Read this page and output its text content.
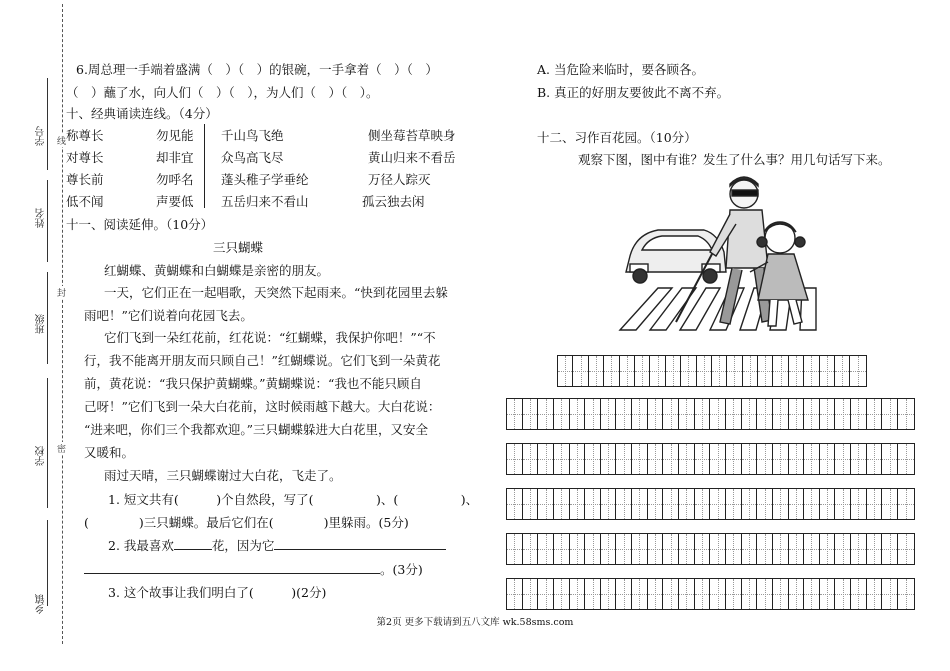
学号
姓名
班级
学校
乡镇
线
封
密
6.周总理一手端着盛满（　）（　）的银碗，一手拿着（　）（　）
（　）蘸了水，向人们（　）（　），为人们（　）（　）。
十、经典诵读连线。（4分）
称尊长
对尊长
尊长前
低不闻
勿见能
却非宜
勿呼名
声要低
千山鸟飞绝
众鸟高飞尽
蓬头稚子学垂纶
五岳归来不看山
侧坐莓苔草映身
黄山归来不看岳
万径人踪灭
孤云独去闲
十一、阅读延伸。（10分）
三只蝴蝶
红蝴蝶、黄蝴蝶和白蝴蝶是亲密的朋友。
一天，它们正在一起唱歌，天突然下起雨来。“快到花园里去躲
雨吧！”它们说着向花园飞去。
它们飞到一朵红花前，红花说：“红蝴蝶，我保护你吧！”“不
行，我不能离开朋友而只顾自己！”红蝴蝶说。它们飞到一朵黄花
前，黄花说：“我只保护黄蝴蝶。”黄蝴蝶说：“我也不能只顾自
己呀！”它们飞到一朵大白花前，这时候雨越下越大。大白花说：
“进来吧，你们三个我都欢迎。”三只蝴蝶躲进大白花里，又安全
又暖和。
雨过天晴，三只蝴蝶谢过大白花，飞走了。
1. 短文共有(　　　)个自然段，写了(　　　　　)、(　　　　　)、
(　　　　)三只蝴蝶。最后它们在(　　　　)里躲雨。(5分)
2. 我最喜欢	花，因为它
。(3分)
3. 这个故事让我们明白了(　　　)(2分)
A. 当危险来临时，要各顾各。
B. 真正的好朋友要彼此不离不弃。
十二、习作百花园。（10分）
观察下图，图中有谁？发生了什么事？用几句话写下来。
第2页 更多下载请到五八文库 wk.58sms.com
